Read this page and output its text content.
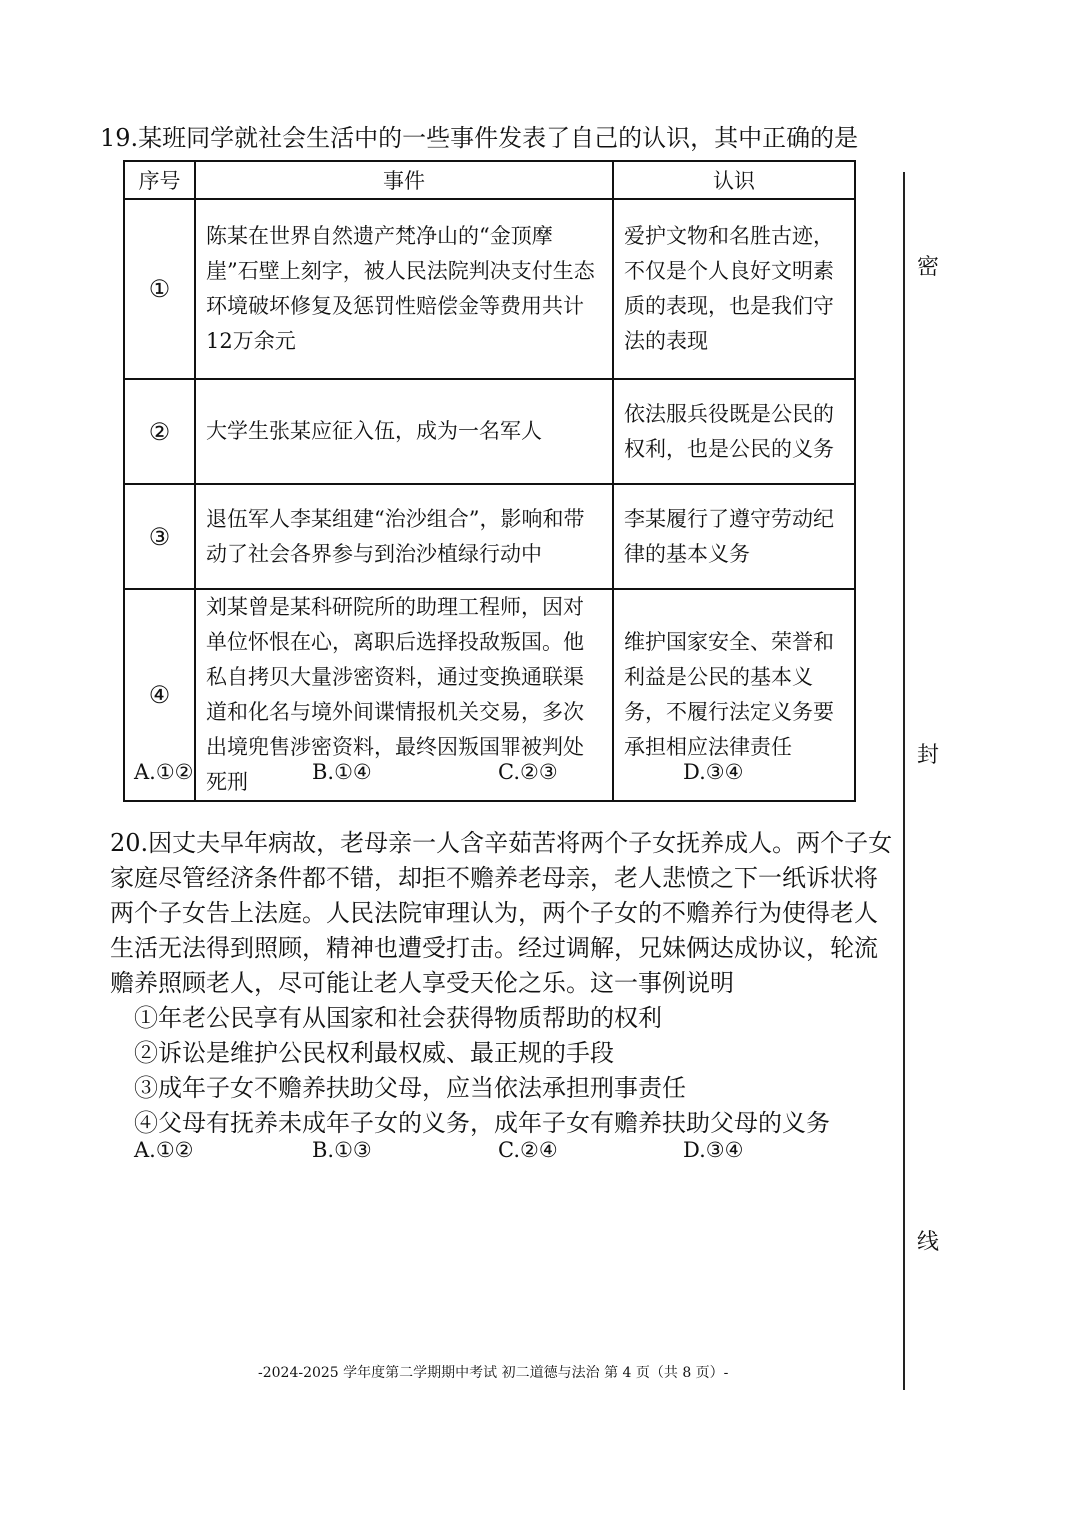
19.某班同学就社会生活中的一些事件发表了自己的认识，其中正确的是
序号	事件	认识
①	陈某在世界自然遗产梵净山的“金顶摩崖”石壁上刻字，被人民法院判决支付生态环境破坏修复及惩罚性赔偿金等费用共计12万余元	爱护文物和名胜古迹，不仅是个人良好文明素质的表现，也是我们守法的表现
②	大学生张某应征入伍，成为一名军人	依法服兵役既是公民的权利，也是公民的义务
③	退伍军人李某组建“治沙组合”，影响和带动了社会各界参与到治沙植绿行动中	李某履行了遵守劳动纪律的基本义务
④	刘某曾是某科研院所的助理工程师，因对单位怀恨在心，离职后选择投敌叛国。他私自拷贝大量涉密资料，通过变换通联渠道和化名与境外间谍情报机关交易，多次出境兜售涉密资料，最终因叛国罪被判处死刑	维护国家安全、荣誉和利益是公民的基本义务，不履行法定义务要承担相应法律责任
A.①②	B.①④	C.②③	D.③④

20.因丈夫早年病故，老母亲一人含辛茹苦将两个子女抚养成人。两个子女家庭尽管经济条件都不错，却拒不赡养老母亲，老人悲愤之下一纸诉状将两个子女告上法庭。人民法院审理认为，两个子女的不赡养行为使得老人生活无法得到照顾，精神也遭受打击。经过调解，兄妹俩达成协议，轮流赡养照顾老人，尽可能让老人享受天伦之乐。这一事例说明

①年老公民享有从国家和社会获得物质帮助的权利

②诉讼是维护公民权利最权威、最正规的手段

③成年子女不赡养扶助父母，应当依法承担刑事责任

④父母有抚养未成年子女的义务，成年子女有赡养扶助父母的义务

A.①②	B.①③	C.②④	D.③④
-2024-2025 学年度第二学期期中考试 初二道德与法治 第 4 页（共 8 页）-
密
封
线
